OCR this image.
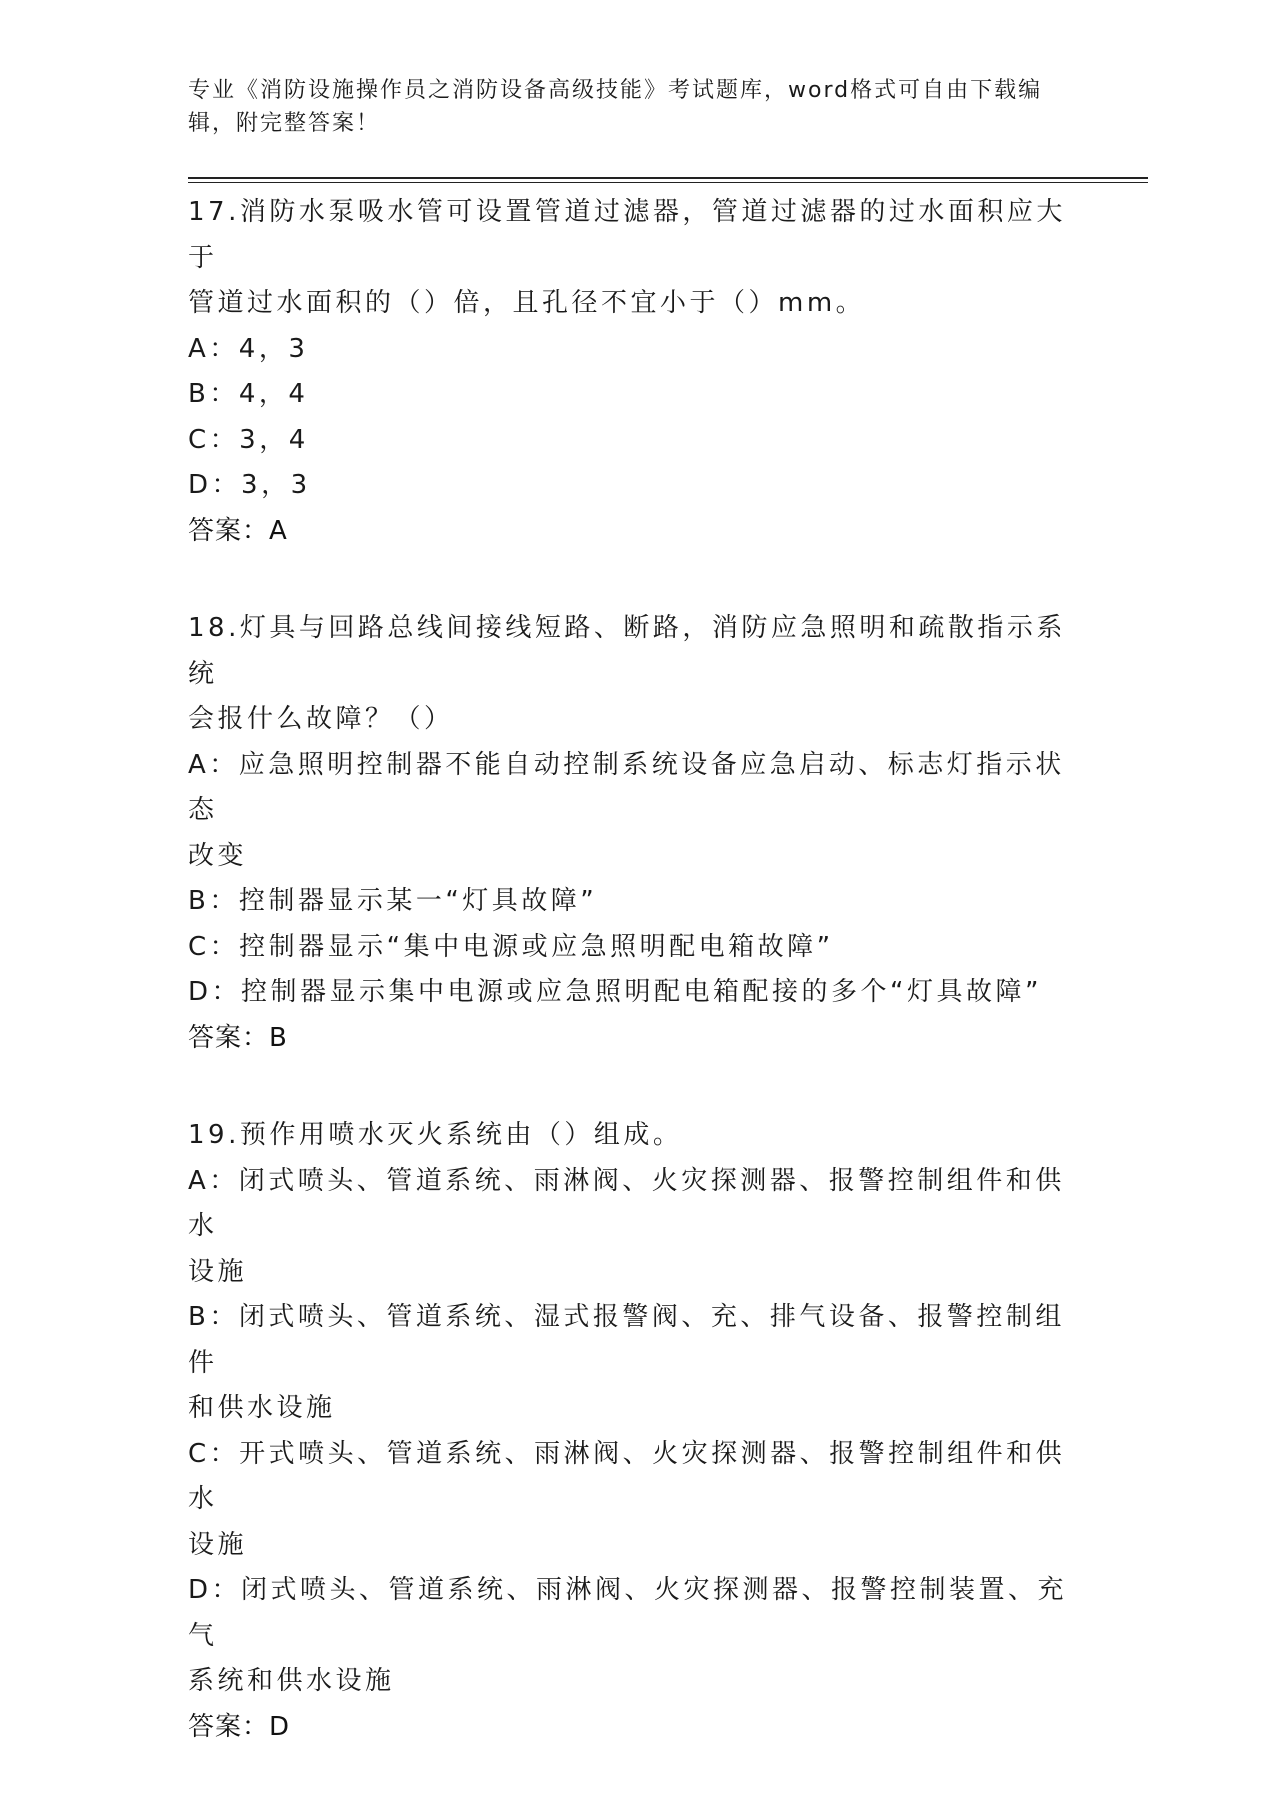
专业《消防设施操作员之消防设备高级技能》考试题库，word格式可自由下载编
辑，附完整答案！
17.消防水泵吸水管可设置管道过滤器，管道过滤器的过水面积应大于
管道过水面积的（）倍，且孔径不宜小于（）mm。
A：4，3
B：4，4
C：3，4
D：3，3
答案：A
18.灯具与回路总线间接线短路、断路，消防应急照明和疏散指示系统
会报什么故障？（）
A：应急照明控制器不能自动控制系统设备应急启动、标志灯指示状态
改变
B：控制器显示某一“灯具故障”
C：控制器显示“集中电源或应急照明配电箱故障”
D：控制器显示集中电源或应急照明配电箱配接的多个“灯具故障”
答案：B
19.预作用喷水灭火系统由（）组成。
A：闭式喷头、管道系统、雨淋阀、火灾探测器、报警控制组件和供水
设施
B：闭式喷头、管道系统、湿式报警阀、充、排气设备、报警控制组件
和供水设施
C：开式喷头、管道系统、雨淋阀、火灾探测器、报警控制组件和供水
设施
D：闭式喷头、管道系统、雨淋阀、火灾探测器、报警控制装置、充气
系统和供水设施
答案：D
